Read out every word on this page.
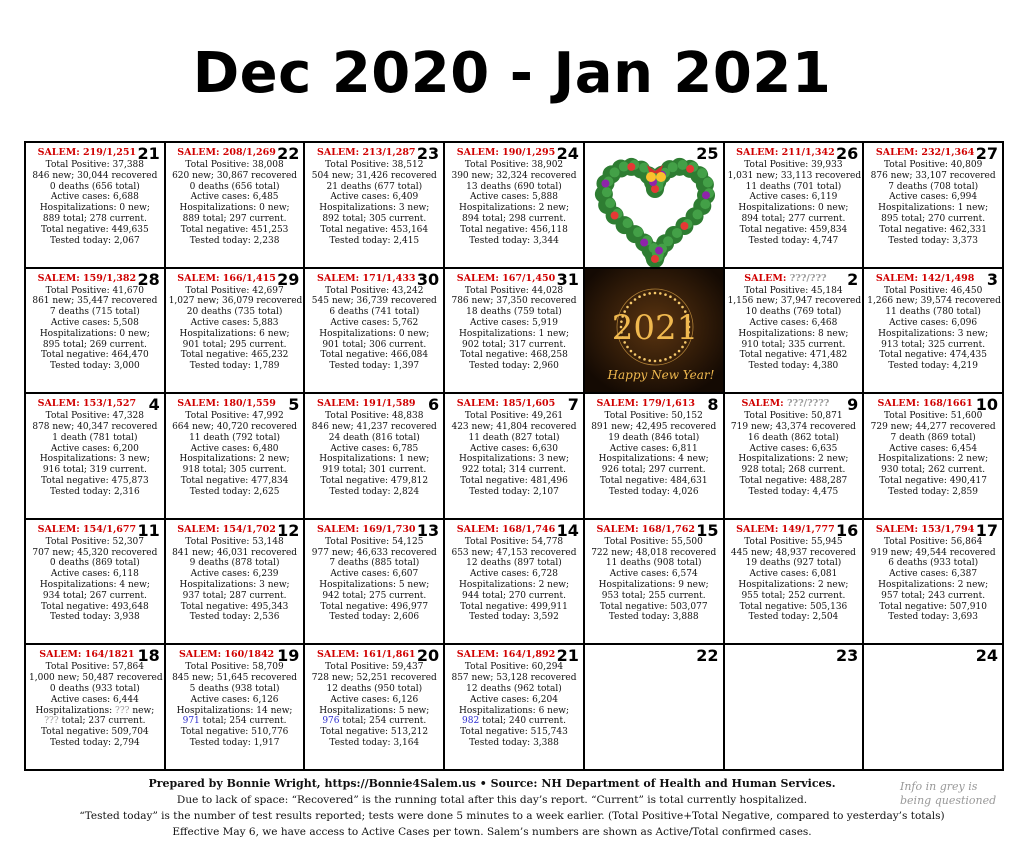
Dec 2020 - Jan 2021
21
SALEM: 219/1,251
Total Positive: 37,388
846 new; 30,044 recovered
0 deaths (656 total)
Active cases: 6,688
Hospitalizations: 0 new;
889 total; 278 current.
Total negative: 449,635
Tested today: 2,067
22
SALEM: 208/1,269
Total Positive: 38,008
620 new; 30,867 recovered
0 deaths (656 total)
Active cases: 6,485
Hospitalizations: 0 new;
889 total; 297 current.
Total negative: 451,253
Tested today: 2,238
23
SALEM: 213/1,287
Total Positive: 38,512
504 new; 31,426 recovered
21 deaths (677 total)
Active cases: 6,409
Hospitalizations: 3 new;
892 total; 305 current.
Total negative: 453,164
Tested today: 2,415
24
SALEM: 190/1,295
Total Positive: 38,902
390 new; 32,324 recovered
13 deaths (690 total)
Active cases: 5,888
Hospitalizations: 2 new;
894 total; 298 current.
Total negative: 456,118
Tested today: 3,344
25	26
SALEM: 211/1,342
Total Positive: 39,933
1,031 new; 33,113 recovered
11 deaths (701 total)
Active cases: 6,119
Hospitalizations: 0 new;
894 total; 277 current.
Total negative: 459,834
Tested today: 4,747
27
SALEM: 232/1,364
Total Positive: 40,809
876 new; 33,107 recovered
7 deaths (708 total)
Active cases: 6,994
Hospitalizations: 1 new;
895 total; 270 current.
Total negative: 462,331
Tested today: 3,373
28
SALEM: 159/1,382
Total Positive: 41,670
861 new; 35,447 recovered
7 deaths (715 total)
Active cases: 5,508
Hospitalizations: 0 new;
895 total; 269 current.
Total negative: 464,470
Tested today: 3,000
29
SALEM: 166/1,415
Total Positive: 42,697
1,027 new; 36,079 recovered
20 deaths (735 total)
Active cases: 5,883
Hospitalizations: 6 new;
901 total; 295 current.
Total negative: 465,232
Tested today: 1,789
30
SALEM: 171/1,433
Total Positive: 43,242
545 new; 36,739 recovered
6 deaths (741 total)
Active cases: 5,762
Hospitalizations: 0 new;
901 total; 306 current.
Total negative: 466,084
Tested today: 1,397
31
SALEM: 167/1,450
Total Positive: 44,028
786 new; 37,350 recovered
18 deaths (759 total)
Active cases: 5,919
Hospitalizations: 1 new;
902 total; 317 current.
Total negative: 468,258
Tested today: 2,960
2021
Happy New Year!
2
SALEM: ???/???
Total Positive: 45,184
1,156 new; 37,947 recovered
10 deaths (769 total)
Active cases: 6,468
Hospitalizations: 8 new;
910 total; 335 current.
Total negative: 471,482
Tested today: 4,380
3
SALEM: 142/1,498
Total Positive: 46,450
1,266 new; 39,574 recovered
11 deaths (780 total)
Active cases: 6,096
Hospitalizations: 3 new;
913 total; 325 current.
Total negative: 474,435
Tested today: 4,219
4
SALEM: 153/1,527
Total Positive: 47,328
878 new; 40,347 recovered
1 death (781 total)
Active cases: 6,200
Hospitalizations: 3 new;
916 total; 319 current.
Total negative: 475,873
Tested today: 2,316
5
SALEM: 180/1,559
Total Positive: 47,992
664 new; 40,720 recovered
11 death (792 total)
Active cases: 6,480
Hospitalizations: 2 new;
918 total; 305 current.
Total negative: 477,834
Tested today: 2,625
6
SALEM: 191/1,589
Total Positive: 48,838
846 new; 41,237 recovered
24 death (816 total)
Active cases: 6,785
Hospitalizations: 1 new;
919 total; 301 current.
Total negative: 479,812
Tested today: 2,824
7
SALEM: 185/1,605
Total Positive: 49,261
423 new; 41,804 recovered
11 death (827 total)
Active cases: 6,630
Hospitalizations: 3 new;
922 total; 314 current.
Total negative: 481,496
Tested today: 2,107
8
SALEM: 179/1,613
Total Positive: 50,152
891 new; 42,495 recovered
19 death (846 total)
Active cases: 6,811
Hospitalizations: 4 new;
926 total; 297 current.
Total negative: 484,631
Tested today: 4,026
9
SALEM: ???/????
Total Positive: 50,871
719 new; 43,374 recovered
16 death (862 total)
Active cases: 6,635
Hospitalizations: 2 new;
928 total; 268 current.
Total negative: 488,287
Tested today: 4,475
10
SALEM: 168/1661
Total Positive: 51,600
729 new; 44,277 recovered
7 death (869 total)
Active cases: 6,454
Hospitalizations: 2 new;
930 total; 262 current.
Total negative: 490,417
Tested today: 2,859
11
SALEM: 154/1,677
Total Positive: 52,307
707 new; 45,320 recovered
0 deaths (869 total)
Active cases: 6,118
Hospitalizations: 4 new;
934 total; 267 current.
Total negative: 493,648
Tested today: 3,938
12
SALEM: 154/1,702
Total Positive: 53,148
841 new; 46,031 recovered
9 deaths (878 total)
Active cases: 6,239
Hospitalizations: 3 new;
937 total; 287 current.
Total negative: 495,343
Tested today: 2,536
13
SALEM: 169/1,730
Total Positive: 54,125
977 new; 46,633 recovered
7 deaths (885 total)
Active cases: 6,607
Hospitalizations: 5 new;
942 total; 275 current.
Total negative: 496,977
Tested today: 2,606
14
SALEM: 168/1,746
Total Positive: 54,778
653 new; 47,153 recovered
12 deaths (897 total)
Active cases: 6,728
Hospitalizations: 2 new;
944 total; 270 current.
Total negative: 499,911
Tested today: 3,592
15
SALEM: 168/1,762
Total Positive: 55,500
722 new; 48,018 recovered
11 deaths (908 total)
Active cases: 6,574
Hospitalizations: 9 new;
953 total; 255 current.
Total negative: 503,077
Tested today: 3,888
16
SALEM: 149/1,777
Total Positive: 55,945
445 new; 48,937 recovered
19 deaths (927 total)
Active cases: 6,081
Hospitalizations: 2 new;
955 total; 252 current.
Total negative: 505,136
Tested today: 2,504
17
SALEM: 153/1,794
Total Positive: 56,864
919 new; 49,544 recovered
6 deaths (933 total)
Active cases: 6,387
Hospitalizations: 2 new;
957 total; 243 current.
Total negative: 507,910
Tested today: 3,693
18
SALEM: 164/1821
Total Positive: 57,864
1,000 new; 50,487 recovered
0 deaths (933 total)
Active cases: 6,444
Hospitalizations: ??? new;
??? total; 237 current.
Total negative: 509,704
Tested today: 2,794
19
SALEM: 160/1842
Total Positive: 58,709
845 new; 51,645 recovered
5 deaths (938 total)
Active cases: 6,126
Hospitalizations: 14 new;
971 total; 254 current.
Total negative: 510,776
Tested today: 1,917
20
SALEM: 161/1,861
Total Positive: 59,437
728 new; 52,251 recovered
12 deaths (950 total)
Active cases: 6,126
Hospitalizations: 5 new;
976 total; 254 current.
Total negative: 513,212
Tested today: 3,164
21
SALEM: 164/1,892
Total Positive: 60,294
857 new; 53,128 recovered
12 deaths (962 total)
Active cases: 6,204
Hospitalizations: 6 new;
982 total; 240 current.
Total negative: 515,743
Tested today: 3,388
22	23	24
Prepared by Bonnie Wright, https://Bonnie4Salem.us • Source: NH Department of Health and Human Services.
Due to lack of space: “Recovered” is the running total after this day’s report. “Current” is total currently hospitalized.
“Tested today” is the number of test results reported; tests were done 5 minutes to a week earlier. (Total Positive+Total Negative, compared to yesterday’s totals)
Effective May 6, we have access to Active Cases per town. Salem’s numbers are shown as Active/Total confirmed cases.
Info in grey is being questioned
